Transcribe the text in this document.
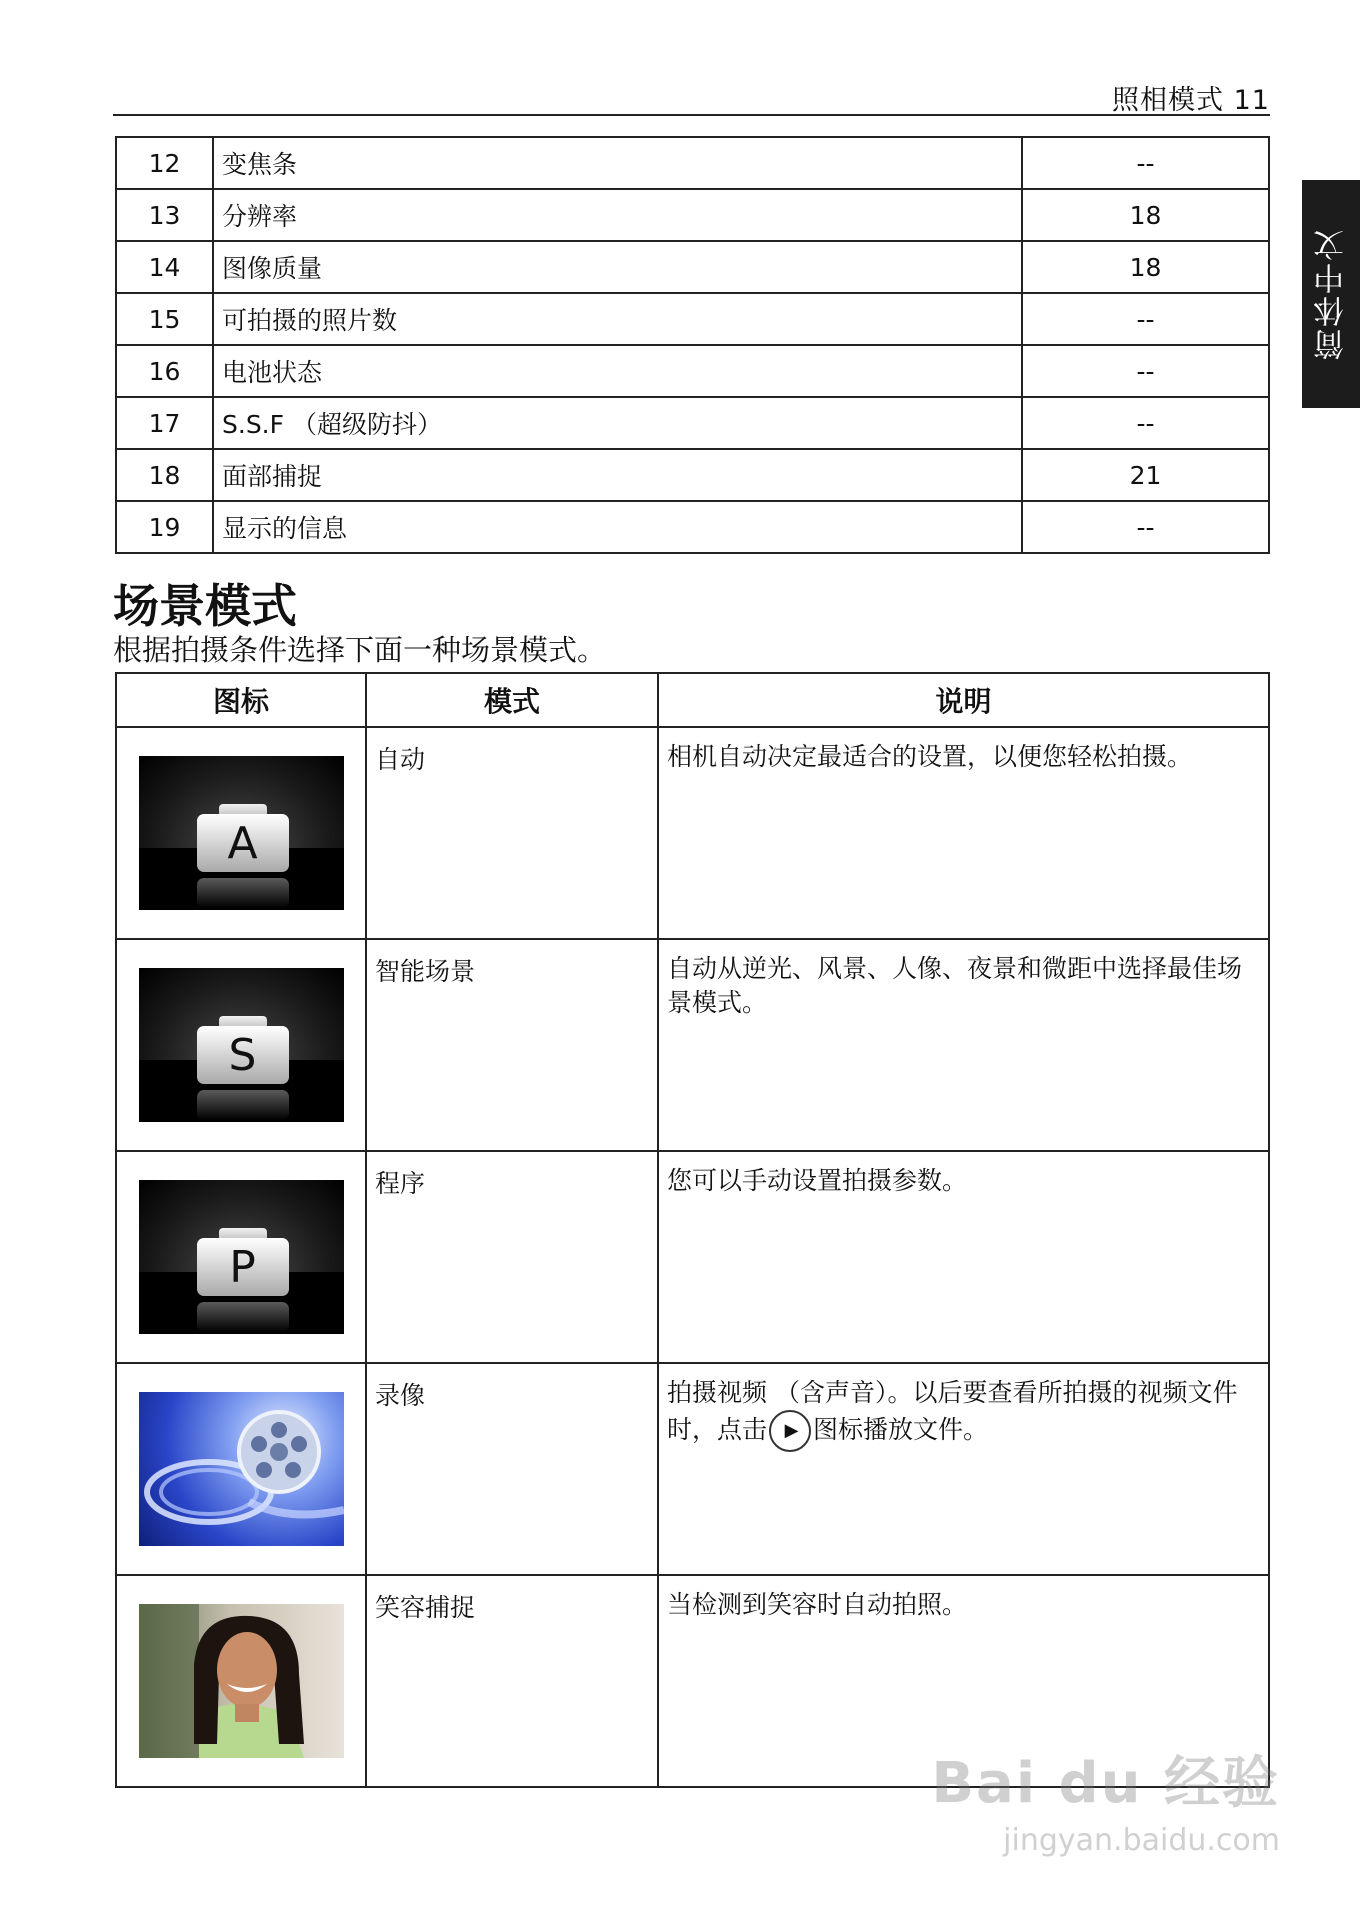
照相模式 11
简体中文
12	变焦条	--
13	分辨率	18
14	图像质量	18
15	可拍摄的照片数	--
16	电池状态	--
17	S.S.F （超级防抖）	--
18	面部捕捉	21
19	显示的信息	--
场景模式

根据拍摄条件选择下面一种场景模式。

图标	模式	说明

A	自动	相机自动决定最适合的设置，以便您轻松拍摄。

S	智能场景	自动从逆光、风景、人像、夜景和微距中选择最佳场景模式。

P	程序	您可以手动设置拍摄参数。

	录像	拍摄视频 （含声音）。以后要查看所拍摄的视频文件时，点击 ▶ 图标播放文件。

	笑容捕捉	当检测到笑容时自动拍照。
Bai du 经验
jingyan.baidu.com
